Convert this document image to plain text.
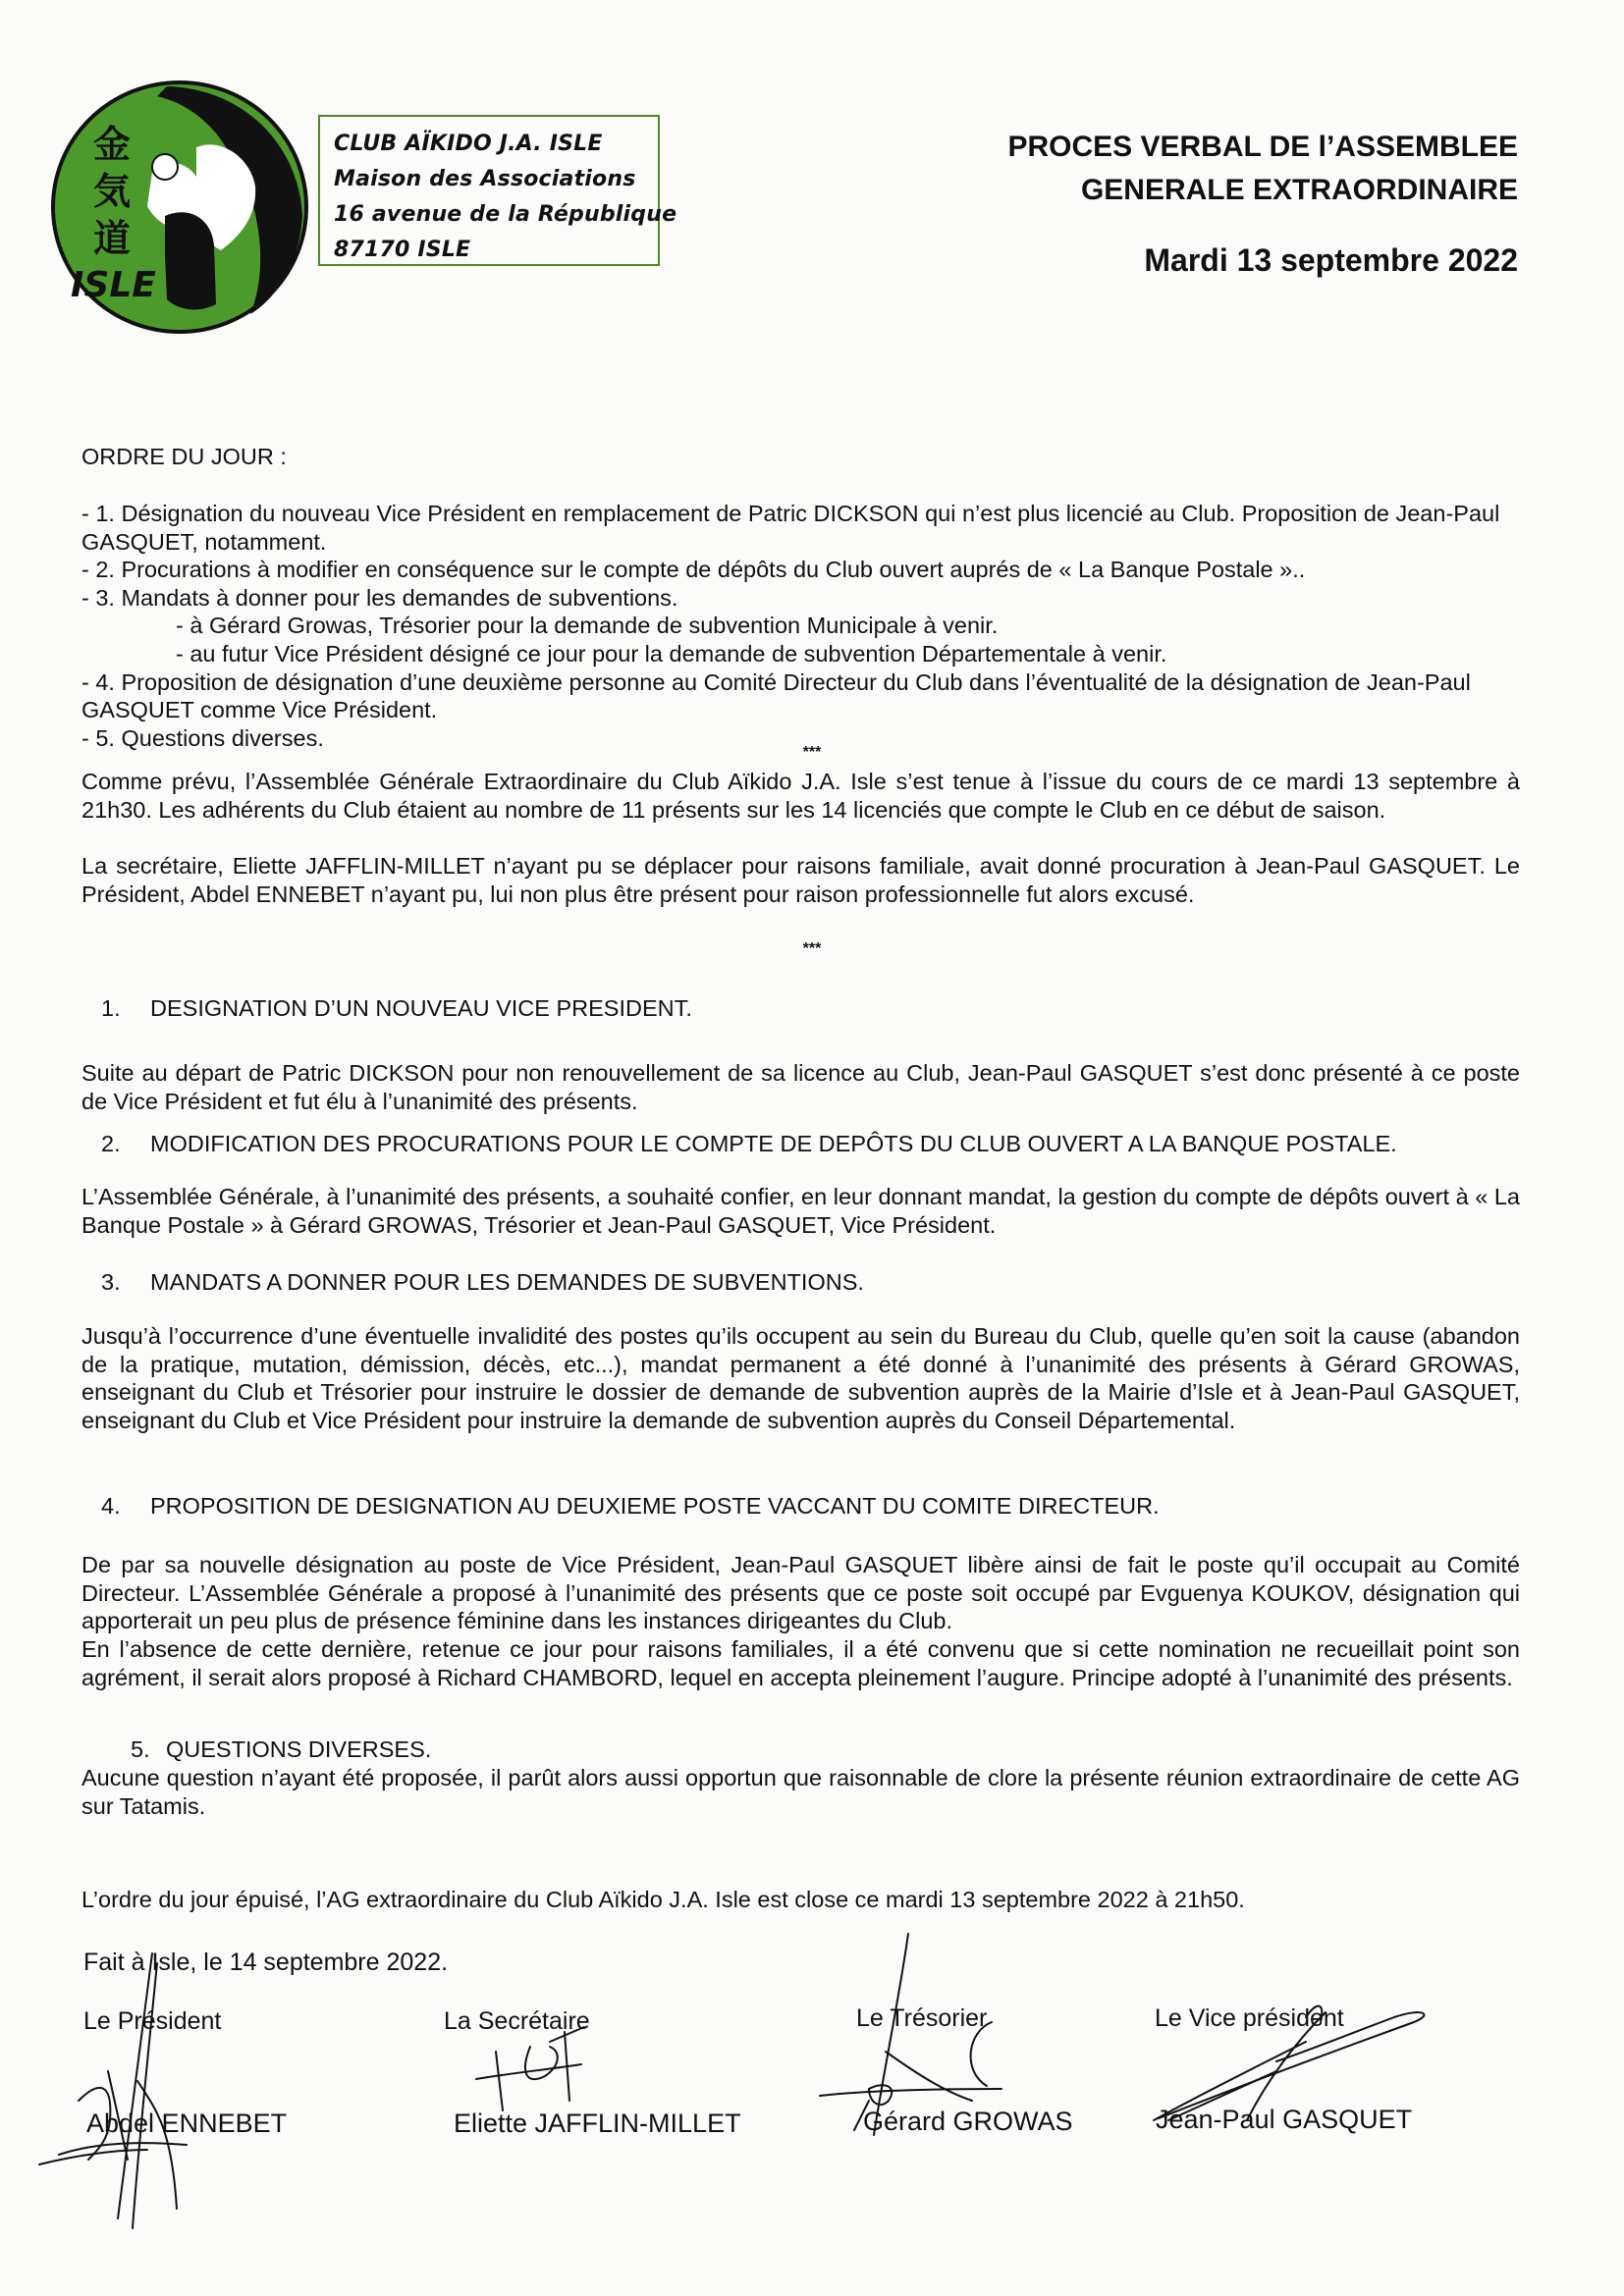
金
気
道
ISLE
CLUB AÏKIDO J.A. ISLE
Maison des Associations
16 avenue de la République
87170 ISLE
PROCES VERBAL DE l’ASSEMBLEE
GENERALE EXTRAORDINAIRE
Mardi 13 septembre 2022
ORDRE DU JOUR :
- 1. Désignation du nouveau Vice Président en remplacement de Patric DICKSON qui n’est plus licencié au Club. Proposition de Jean-Paul GASQUET, notamment.
- 2. Procurations à modifier en conséquence sur le compte de dépôts du Club ouvert auprés de « La Banque Postale »..
- 3. Mandats à donner pour les demandes de subventions.
- à Gérard Growas, Trésorier pour la demande de subvention Municipale à venir.
- au futur Vice Président désigné ce jour pour la demande de subvention Départementale à venir.
- 4. Proposition de désignation d’une deuxième personne au Comité Directeur du Club dans l’éventualité de la désignation de Jean-Paul GASQUET comme Vice Président.
- 5. Questions diverses.
***
Comme prévu, l’Assemblée Générale Extraordinaire du Club Aïkido J.A. Isle s’est tenue à l’issue du cours de ce mardi 13 septembre à 21h30. Les adhérents du Club étaient au nombre de 11 présents sur les 14 licenciés que compte le Club en ce début de saison.
La secrétaire, Eliette JAFFLIN-MILLET n’ayant pu se déplacer pour raisons familiale, avait donné procuration à Jean-Paul GASQUET. Le Président, Abdel ENNEBET n’ayant pu, lui non plus être présent pour raison professionnelle fut alors excusé.
***
1. DESIGNATION D’UN NOUVEAU VICE PRESIDENT.
Suite au départ de Patric DICKSON pour non renouvellement de sa licence au Club, Jean-Paul GASQUET s’est donc présenté à ce poste de Vice Président et fut élu à l’unanimité des présents.
2. MODIFICATION DES PROCURATIONS POUR LE COMPTE DE DEPÔTS DU CLUB OUVERT A LA BANQUE POSTALE.
L’Assemblée Générale, à l’unanimité des présents, a souhaité confier, en leur donnant mandat, la gestion du compte de dépôts ouvert à « La Banque Postale » à Gérard GROWAS, Trésorier et Jean-Paul GASQUET, Vice Président.
3. MANDATS A DONNER POUR LES DEMANDES DE SUBVENTIONS.
Jusqu’à l’occurrence d’une éventuelle invalidité des postes qu’ils occupent au sein du Bureau du Club, quelle qu’en soit la cause (abandon de la pratique, mutation, démission, décès, etc...), mandat permanent a été donné à l’unanimité des présents à Gérard GROWAS, enseignant du Club et Trésorier pour instruire le dossier de demande de subvention auprès de la Mairie d’Isle et à Jean-Paul GASQUET, enseignant du Club et Vice Président pour instruire la demande de subvention auprès du Conseil Départemental.
4. PROPOSITION DE DESIGNATION AU DEUXIEME POSTE VACCANT DU COMITE DIRECTEUR.
De par sa nouvelle désignation au poste de Vice Président, Jean-Paul GASQUET libère ainsi de fait le poste qu’il occupait au Comité Directeur. L’Assemblée Générale a proposé à l’unanimité des présents que ce poste soit occupé par Evguenya KOUKOV, désignation qui apporterait un peu plus de présence féminine dans les instances dirigeantes du Club.
En l’absence de cette dernière, retenue ce jour pour raisons familiales, il a été convenu que si cette nomination ne recueillait point son agrément, il serait alors proposé à Richard CHAMBORD, lequel en accepta pleinement l’augure. Principe adopté à l’unanimité des présents.
5. QUESTIONS DIVERSES.
Aucune question n’ayant été proposée, il parût alors aussi opportun que raisonnable de clore la présente réunion extraordinaire de cette AG sur Tatamis.
L’ordre du jour épuisé, l’AG extraordinaire du Club Aïkido J.A. Isle est close ce mardi 13 septembre 2022 à 21h50.
Fait à Isle, le 14 septembre 2022.
Le Président	La Secrétaire	Le Trésorier	Le Vice président
Abdel ENNEBET	Eliette JAFFLIN-MILLET	Gérard GROWAS	Jean-Paul GASQUET
